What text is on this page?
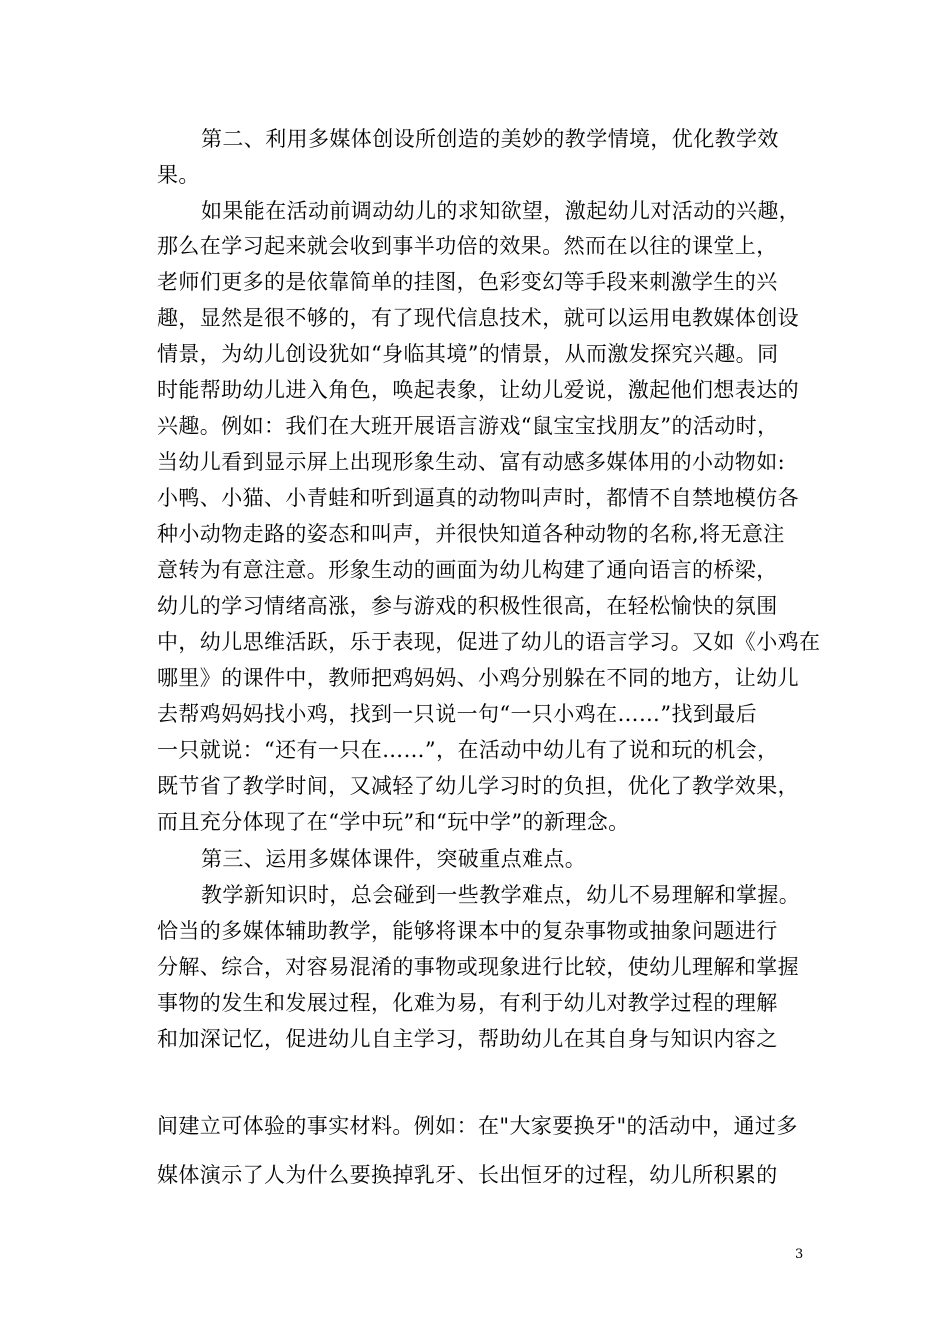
第二、利用多媒体创设所创造的美妙的教学情境，优化教学效
果。
如果能在活动前调动幼儿的求知欲望，激起幼儿对活动的兴趣，
那么在学习起来就会收到事半功倍的效果。然而在以往的课堂上，
老师们更多的是依靠简单的挂图，色彩变幻等手段来刺激学生的兴
趣，显然是很不够的，有了现代信息技术，就可以运用电教媒体创设
情景，为幼儿创设犹如“身临其境”的情景，从而激发探究兴趣。同
时能帮助幼儿进入角色，唤起表象，让幼儿爱说，激起他们想表达的
兴趣。例如：我们在大班开展语言游戏“鼠宝宝找朋友”的活动时，
当幼儿看到显示屏上出现形象生动、富有动感多媒体用的小动物如:
小鸭、小猫、小青蛙和听到逼真的动物叫声时，都情不自禁地模仿各
种小动物走路的姿态和叫声，并很快知道各种动物的名称,将无意注
意转为有意注意。形象生动的画面为幼儿构建了通向语言的桥梁，
幼儿的学习情绪高涨，参与游戏的积极性很高，在轻松愉快的氛围
中，幼儿思维活跃，乐于表现，促进了幼儿的语言学习。又如《小鸡在
哪里》的课件中，教师把鸡妈妈、小鸡分别躲在不同的地方，让幼儿
去帮鸡妈妈找小鸡，找到一只说一句“一只小鸡在……”找到最后
一只就说：“还有一只在……”，在活动中幼儿有了说和玩的机会，
既节省了教学时间，又减轻了幼儿学习时的负担，优化了教学效果，
而且充分体现了在“学中玩”和“玩中学”的新理念。
第三、运用多媒体课件，突破重点难点。
教学新知识时，总会碰到一些教学难点，幼儿不易理解和掌握。
恰当的多媒体辅助教学，能够将课本中的复杂事物或抽象问题进行
分解、综合，对容易混淆的事物或现象进行比较，使幼儿理解和掌握
事物的发生和发展过程，化难为易，有利于幼儿对教学过程的理解
和加深记忆，促进幼儿自主学习，帮助幼儿在其自身与知识内容之
间建立可体验的事实材料。例如：在"大家要换牙"的活动中，通过多
媒体演示了人为什么要换掉乳牙、长出恒牙的过程，幼儿所积累的
3
